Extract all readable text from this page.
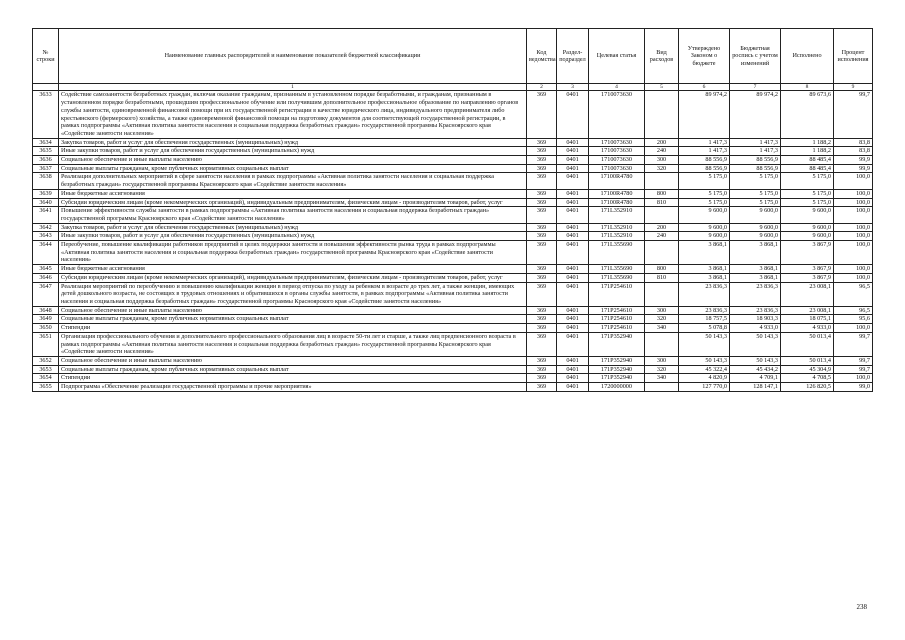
№ строки	Наименование главных распорядителей и наименование показателей бюджетной классификации	Код ведомства	Раздел-подраздел	Целевая статья	Вид расходов	Утверждено Законом о бюджете	Бюджетная роспись с учетом изменений	Исполнено	Процент исполнения
	1	2	3	4	5	6	7	8	9
3633	Содействие самозанятости безработных граждан, включая оказание гражданам, признанным в установленном порядке безработными, и гражданам, признанным в установленном порядке безработными, прошедшим профессиональное обучение или получившим дополнительное профессиональное образование по направлению органов службы занятости, единовременной финансовой помощи при их государственной регистрации в качестве юридического лица, индивидуального предпринимателя либо крестьянского (фермерского) хозяйства, а также единовременной финансовой помощи на подготовку документов для соответствующей государственной регистрации, в рамках подпрограммы «Активная политика занятости населения и социальная поддержка безработных граждан» государственной программы Красноярского края «Содействие занятости населения»	369	0401	1710073630		89 974,2	89 974,2	89 673,6	99,7
3634	Закупка товаров, работ и услуг для обеспечения государственных (муниципальных) нужд	369	0401	1710073630	200	1 417,3	1 417,3	1 188,2	83,8
3635	Иные закупки товаров, работ и услуг для обеспечения государственных (муниципальных) нужд	369	0401	1710073630	240	1 417,3	1 417,3	1 188,2	83,8
3636	Социальное обеспечение и иные выплаты населению	369	0401	1710073630	300	88 556,9	88 556,9	88 485,4	99,9
3637	Социальные выплаты гражданам, кроме публичных нормативных социальных выплат	369	0401	1710073630	320	88 556,9	88 556,9	88 485,4	99,9
3638	Реализация дополнительных мероприятий в сфере занятости населения в рамках подпрограммы «Активная политика занятости населения и социальная поддержка безработных граждан» государственной программы Красноярского края «Содействие занятости населения»	369	0401	17100R4780		5 175,0	5 175,0	5 175,0	100,0
3639	Иные бюджетные ассигнования	369	0401	17100R4780	800	5 175,0	5 175,0	5 175,0	100,0
3640	Субсидии юридическим лицам (кроме некоммерческих организаций), индивидуальным предпринимателям, физическим лицам - производителям товаров, работ, услуг	369	0401	17100R4780	810	5 175,0	5 175,0	5 175,0	100,0
3641	Повышение эффективности службы занятости в рамках подпрограммы «Активная политика занятости населения и социальная поддержка безработных граждан» государственной программы Красноярского края «Содействие занятости населения»	369	0401	171L352910		9 600,0	9 600,0	9 600,0	100,0
3642	Закупка товаров, работ и услуг для обеспечения государственных (муниципальных) нужд	369	0401	171L352910	200	9 600,0	9 600,0	9 600,0	100,0
3643	Иные закупки товаров, работ и услуг для обеспечения государственных (муниципальных) нужд	369	0401	171L352910	240	9 600,0	9 600,0	9 600,0	100,0
3644	Переобучение, повышение квалификации работников предприятий в целях поддержки занятости и повышения эффективности рынка труда в рамках подпрограммы «Активная политика занятости населения и социальная поддержка безработных граждан» государственной программы Красноярского края «Содействие занятости населения»	369	0401	171L355690		3 868,1	3 868,1	3 867,9	100,0
3645	Иные бюджетные ассигнования	369	0401	171L355690	800	3 868,1	3 868,1	3 867,9	100,0
3646	Субсидии юридическим лицам (кроме некоммерческих организаций), индивидуальным предпринимателям, физическим лицам - производителям товаров, работ, услуг	369	0401	171L355690	810	3 868,1	3 868,1	3 867,9	100,0
3647	Реализация мероприятий по переобучению и повышению квалификации женщин в период отпуска по уходу за ребенком в возрасте до трех лет, а также женщин, имеющих детей дошкольного возраста, не состоящих в трудовых отношениях и обратившихся в органы службы занятости, в рамках подпрограммы «Активная политика занятости населения и социальная поддержка безработных граждан» государственной программы Красноярского края «Содействие занятости населения»	369	0401	171P254610		23 836,3	23 836,3	23 008,1	96,5
3648	Социальное обеспечение и иные выплаты населению	369	0401	171P254610	300	23 836,3	23 836,3	23 008,1	96,5
3649	Социальные выплаты гражданам, кроме публичных нормативных социальных выплат	369	0401	171P254610	320	18 757,5	18 903,3	18 075,1	95,6
3650	Стипендии	369	0401	171P254610	340	5 078,8	4 933,0	4 933,0	100,0
3651	Организация профессионального обучения и дополнительного профессионального образования лиц в возрасте 50-ти лет и старше, а также лиц предпенсионного возраста в рамках подпрограммы «Активная политика занятости населения и социальная поддержка безработных граждан» государственной программы Красноярского края «Содействие занятости населения»	369	0401	171P352940		50 143,3	50 143,3	50 013,4	99,7
3652	Социальное обеспечение и иные выплаты населению	369	0401	171P352940	300	50 143,3	50 143,3	50 013,4	99,7
3653	Социальные выплаты гражданам, кроме публичных нормативных социальных выплат	369	0401	171P352940	320	45 322,4	45 434,2	45 304,9	99,7
3654	Стипендии	369	0401	171P352940	340	4 820,9	4 709,1	4 708,5	100,0
3655	Подпрограмма «Обеспечение реализации государственной программы и прочие мероприятия»	369	0401	1720000000		127 770,0	128 147,1	126 820,5	99,0
238
